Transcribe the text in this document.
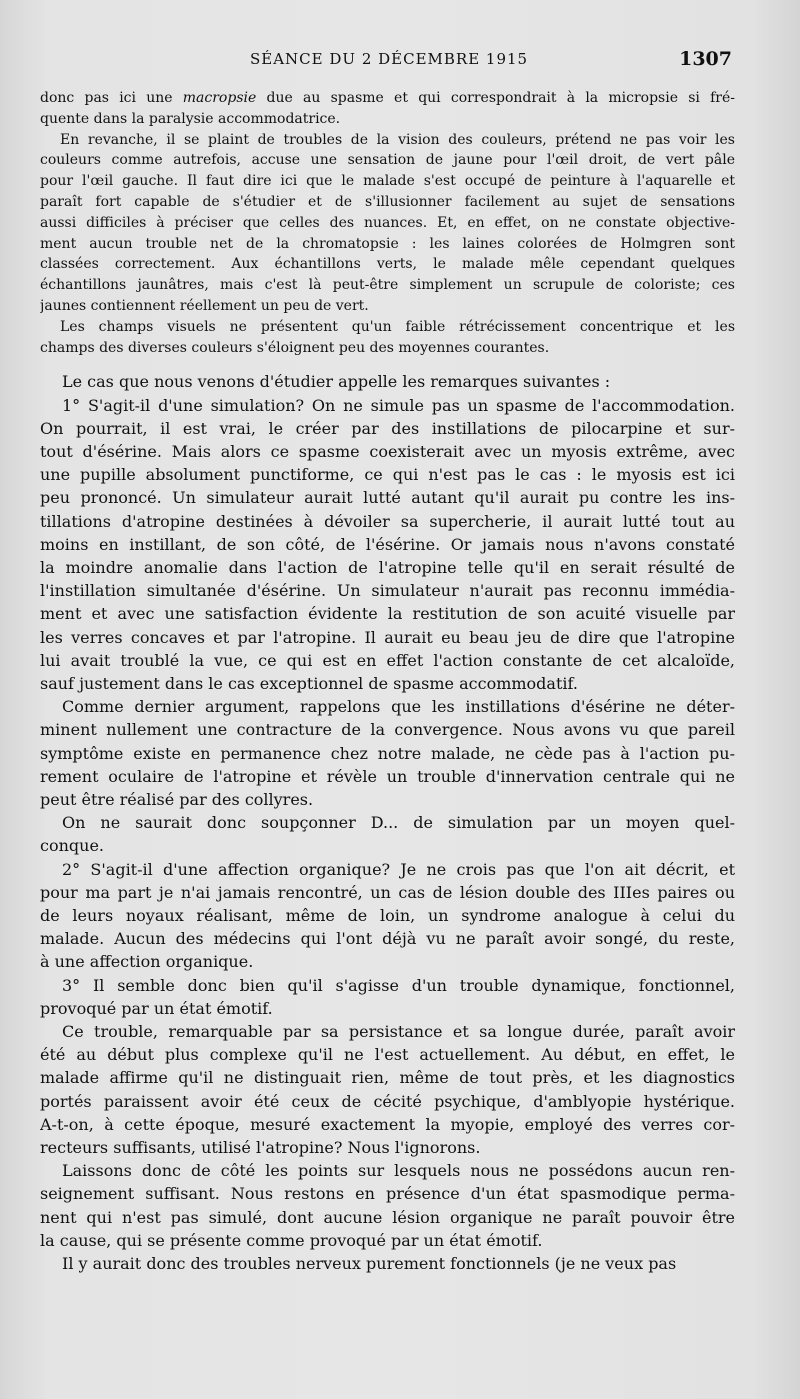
SÉANCE DU 2 DÉCEMBRE 1915	1307

donc pas ici une macropsie due au spasme et qui correspondrait à la micropsie si fré-
quente dans la paralysie accommodatrice.

En revanche, il se plaint de troubles de la vision des couleurs, prétend ne pas voir les
couleurs comme autrefois, accuse une sensation de jaune pour l'œil droit, de vert pâle
pour l'œil gauche. Il faut dire ici que le malade s'est occupé de peinture à l'aquarelle et
paraît fort capable de s'étudier et de s'illusionner facilement au sujet de sensations
aussi difficiles à préciser que celles des nuances. Et, en effet, on ne constate objective-
ment aucun trouble net de la chromatopsie : les laines colorées de Holmgren sont
classées correctement. Aux échantillons verts, le malade mêle cependant quelques
échantillons jaunâtres, mais c'est là peut-être simplement un scrupule de coloriste; ces
jaunes contiennent réellement un peu de vert.

Les champs visuels ne présentent qu'un faible rétrécissement concentrique et les
champs des diverses couleurs s'éloignent peu des moyennes courantes.

Le cas que nous venons d'étudier appelle les remarques suivantes :

1° S'agit-il d'une simulation? On ne simule pas un spasme de l'accommodation.
On pourrait, il est vrai, le créer par des instillations de pilocarpine et sur-
tout d'ésérine. Mais alors ce spasme coexisterait avec un myosis extrême, avec
une pupille absolument punctiforme, ce qui n'est pas le cas : le myosis est ici
peu prononcé. Un simulateur aurait lutté autant qu'il aurait pu contre les ins-
tillations d'atropine destinées à dévoiler sa supercherie, il aurait lutté tout au
moins en instillant, de son côté, de l'ésérine. Or jamais nous n'avons constaté
la moindre anomalie dans l'action de l'atropine telle qu'il en serait résulté de
l'instillation simultanée d'ésérine. Un simulateur n'aurait pas reconnu immédia-
ment et avec une satisfaction évidente la restitution de son acuité visuelle par
les verres concaves et par l'atropine. Il aurait eu beau jeu de dire que l'atropine
lui avait troublé la vue, ce qui est en effet l'action constante de cet alcaloïde,
sauf justement dans le cas exceptionnel de spasme accommodatif.

Comme dernier argument, rappelons que les instillations d'ésérine ne déter-
minent nullement une contracture de la convergence. Nous avons vu que pareil
symptôme existe en permanence chez notre malade, ne cède pas à l'action pu-
rement oculaire de l'atropine et révèle un trouble d'innervation centrale qui ne
peut être réalisé par des collyres.

On ne saurait donc soupçonner D... de simulation par un moyen quel-
conque.

2° S'agit-il d'une affection organique? Je ne crois pas que l'on ait décrit, et
pour ma part je n'ai jamais rencontré, un cas de lésion double des IIIes paires ou
de leurs noyaux réalisant, même de loin, un syndrome analogue à celui du
malade. Aucun des médecins qui l'ont déjà vu ne paraît avoir songé, du reste,
à une affection organique.

3° Il semble donc bien qu'il s'agisse d'un trouble dynamique, fonctionnel,
provoqué par un état émotif.

Ce trouble, remarquable par sa persistance et sa longue durée, paraît avoir
été au début plus complexe qu'il ne l'est actuellement. Au début, en effet, le
malade affirme qu'il ne distinguait rien, même de tout près, et les diagnostics
portés paraissent avoir été ceux de cécité psychique, d'amblyopie hystérique.
A-t-on, à cette époque, mesuré exactement la myopie, employé des verres cor-
recteurs suffisants, utilisé l'atropine? Nous l'ignorons.

Laissons donc de côté les points sur lesquels nous ne possédons aucun ren-
seignement suffisant. Nous restons en présence d'un état spasmodique perma-
nent qui n'est pas simulé, dont aucune lésion organique ne paraît pouvoir être
la cause, qui se présente comme provoqué par un état émotif.

Il y aurait donc des troubles nerveux purement fonctionnels (je ne veux pas
